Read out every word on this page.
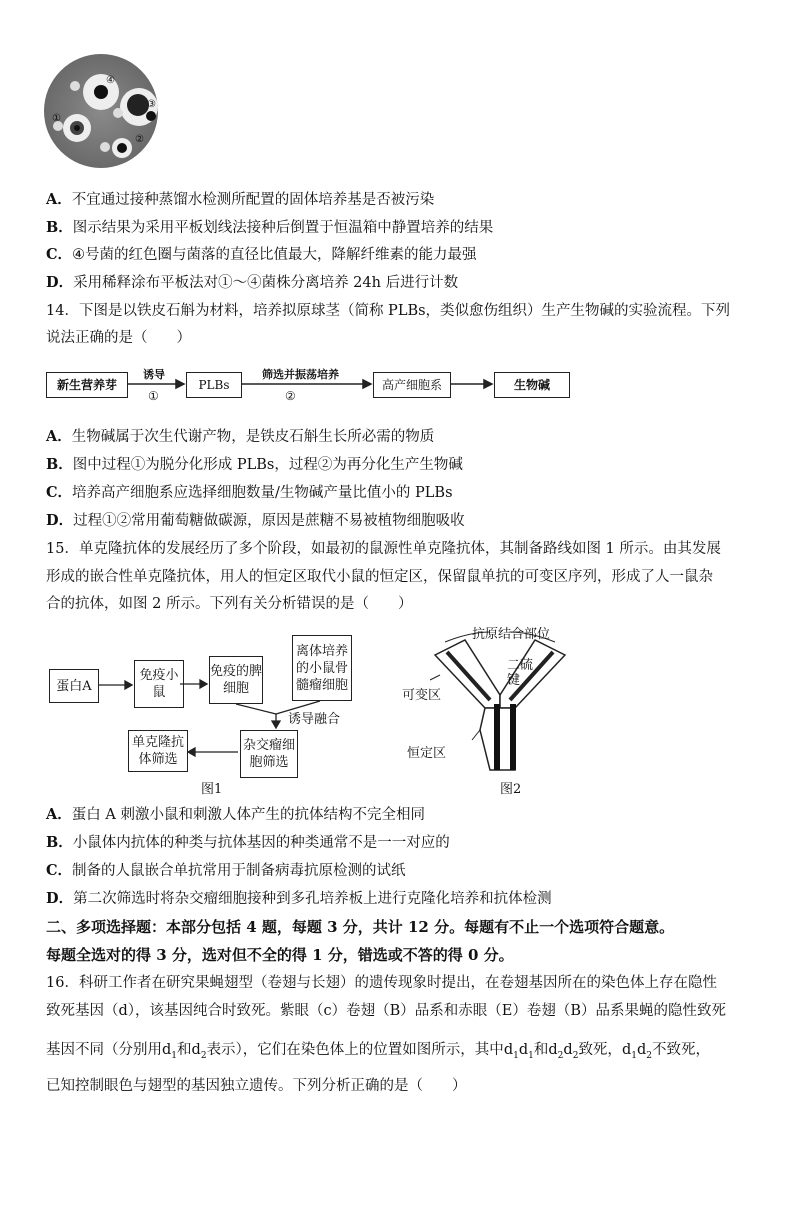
A．不宜通过接种蒸馏水检测所配置的固体培养基是否被污染
B．图示结果为采用平板划线法接种后倒置于恒温箱中静置培养的结果
C．④号菌的红色圈与菌落的直径比值最大，降解纤维素的能力最强
D．采用稀释涂布平板法对①～④菌株分离培养 24h 后进行计数
14．下图是以铁皮石斛为材料，培养拟原球茎（简称 PLBs，类似愈伤组织）生产生物碱的实验流程。下列
说法正确的是（　　）
新生营养芽	PLBs	高产细胞系	生物碱
诱导
①
筛选并振荡培养
②
A．生物碱属于次生代谢产物，是铁皮石斛生长所必需的物质
B．图中过程①为脱分化形成 PLBs，过程②为再分化生产生物碱
C．培养高产细胞系应选择细胞数量/生物碱产量比值小的 PLBs
D．过程①②常用葡萄糖做碳源，原因是蔗糖不易被植物细胞吸收
15．单克隆抗体的发展经历了多个阶段，如最初的鼠源性单克隆抗体，其制备路线如图 1 所示。由其发展
形成的嵌合性单克隆抗体，用人的恒定区取代小鼠的恒定区，保留鼠单抗的可变区序列，形成了人一鼠杂
合的抗体，如图 2 所示。下列有关分析错误的是（　　）
蛋白A
免疫小鼠
免疫的脾细胞
离体培养的小鼠骨髓瘤细胞
杂交瘤细胞筛选
单克隆抗体筛选
诱导融合
图1
抗原结合部位
二硫键
可变区
恒定区
图2
A．蛋白 A 刺激小鼠和刺激人体产生的抗体结构不完全相同
B．小鼠体内抗体的种类与抗体基因的种类通常不是一一对应的
C．制备的人鼠嵌合单抗常用于制备病毒抗原检测的试纸
D．第二次筛选时将杂交瘤细胞接种到多孔培养板上进行克隆化培养和抗体检测
二、多项选择题：本部分包括 4 题，每题 3 分，共计 12 分。每题有不止一个选项符合题意。
每题全选对的得 3 分，选对但不全的得 1 分，错选或不答的得 0 分。
16．科研工作者在研究果蝇翅型（卷翅与长翅）的遗传现象时提出，在卷翅基因所在的染色体上存在隐性
致死基因（d），该基因纯合时致死。紫眼（c）卷翅（B）品系和赤眼（E）卷翅（B）品系果蝇的隐性致死
基因不同（分别用$d_1$和$d_2$表示），它们在染色体上的位置如图所示，其中$d_1d_1$和$d_2d_2$致死，$d_1d_2$不致死，
已知控制眼色与翅型的基因独立遗传。下列分析正确的是（　　）
①
②
③
④
